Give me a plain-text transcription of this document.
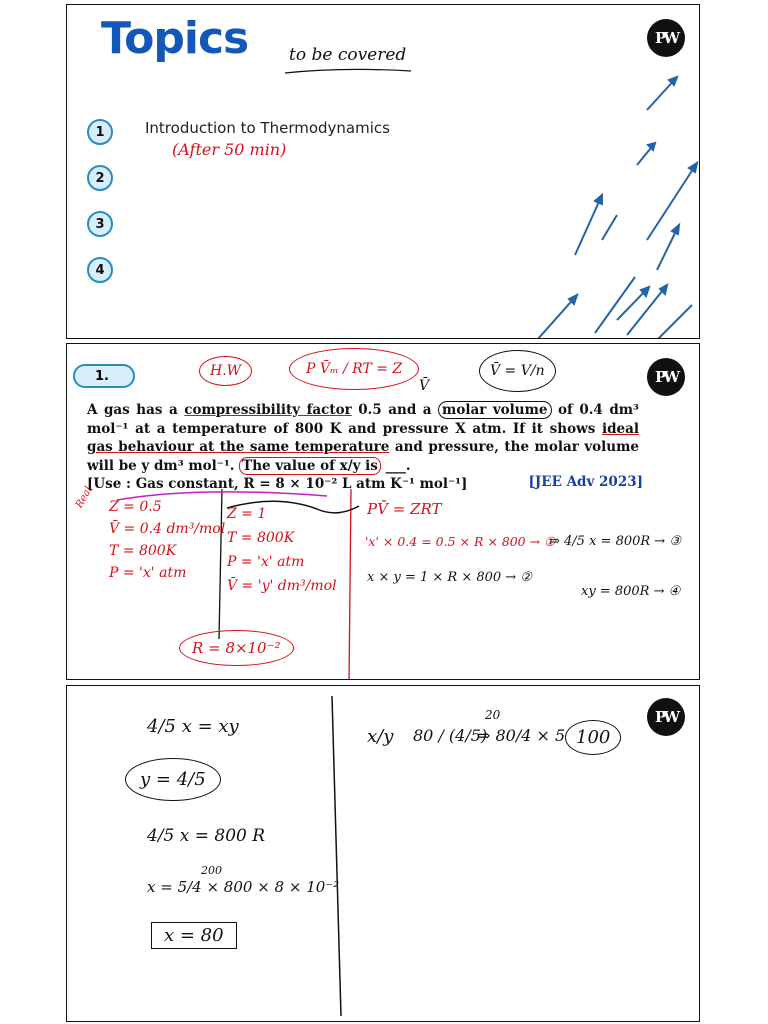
Topics to be covered
PW
1
2
3
4
Introduction to Thermodynamics
(After 50 min)
1.	PW
H.W	P V̄ₘ / RT = Z
V̄
V̄ = V/n
A gas has a compressibility factor 0.5 and a molar volume of 0.4 dm³ mol⁻¹ at a temperature of 800 K and pressure X atm. If it shows ideal gas behaviour at the same temperature and pressure, the molar volume will be y dm³ mol⁻¹. The value of x/y is ___.
[Use : Gas constant, R = 8 × 10⁻² L atm K⁻¹ mol⁻¹]	[JEE Adv 2023]
Real Z = 0.5
V̄ = 0.4 dm³/mol
T = 800K
P = 'x' atm
Z = 1
T = 800K
P = 'x' atm
V̄ = 'y' dm³/mol
R = 8×10⁻²
PV̄ = ZRT
'x' × 0.4 = 0.5 × R × 800 → ①
⇒ 4/5 x = 800R → ③
x × y = 1 × R × 800 → ②
xy = 800R → ④
PW
4/5 x = xy
y = 4/5
4/5 x = 800 R
200
x = 5/4 × 800 × 8 × 10⁻²
x = 80
x/y 80 / (4/5)
20
⇒ 80/4 × 5 100
